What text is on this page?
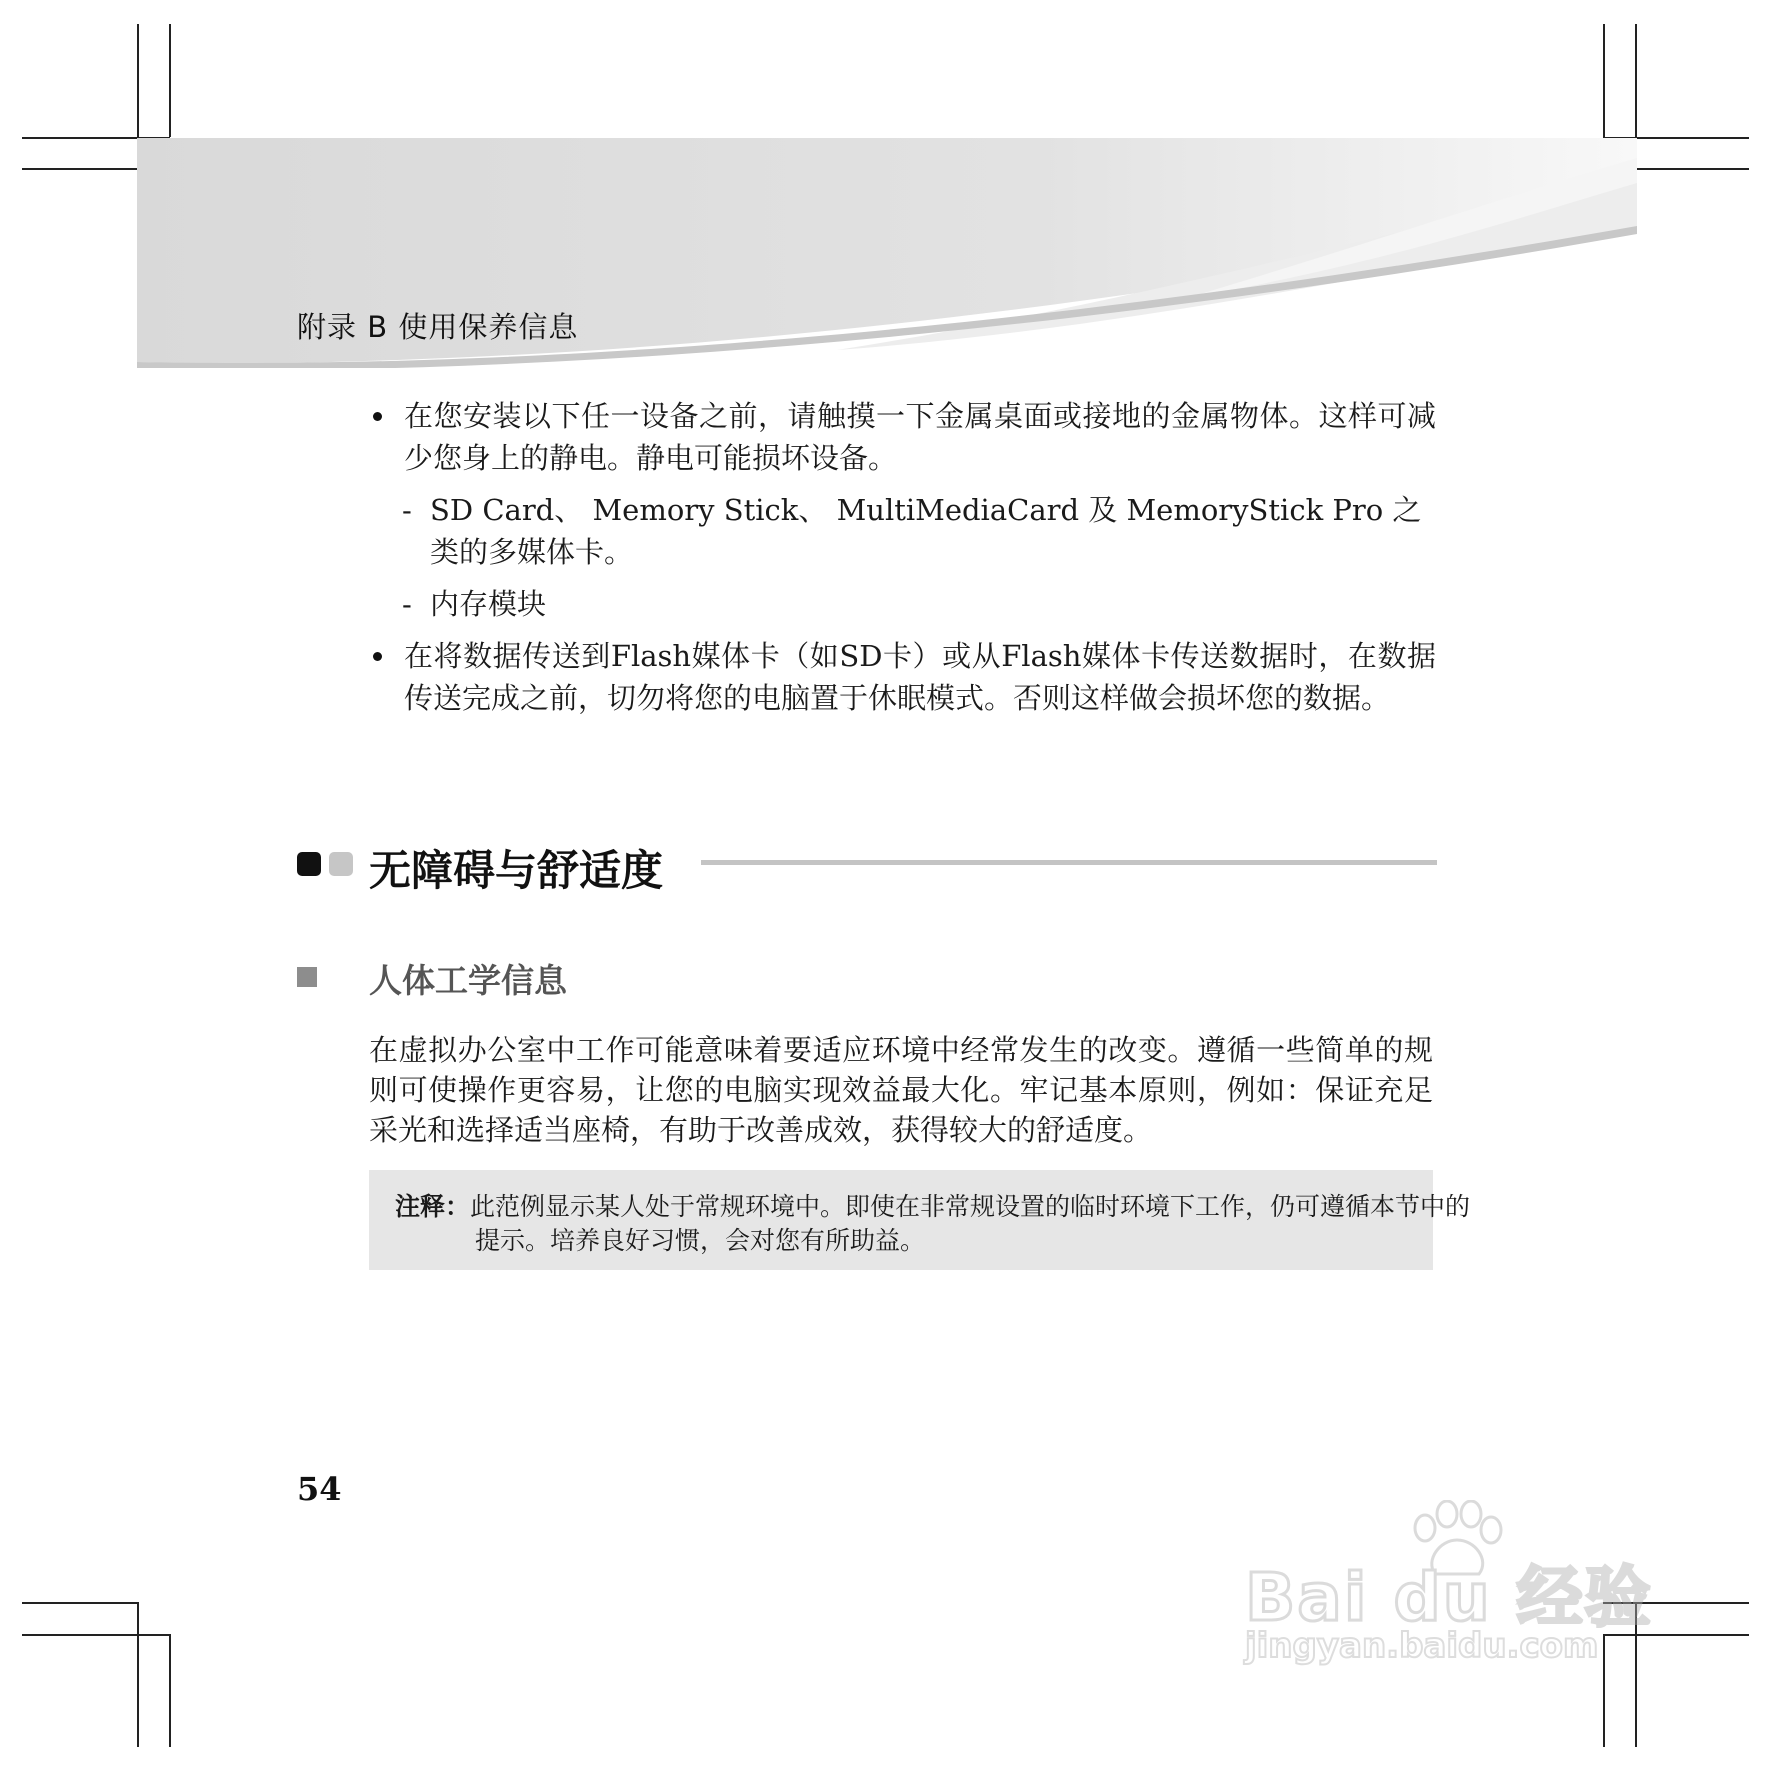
附录 B 使用保养信息
在您安装以下任一设备之前，请触摸一下金属桌面或接地的金属物体。这样可减少您身上的静电。静电可能损坏设备。
- SD Card、 Memory Stick、 MultiMediaCard 及 MemoryStick Pro 之类的多媒体卡。
- 内存模块
在将数据传送到Flash媒体卡（如SD卡）或从Flash媒体卡传送数据时，在数据传送完成之前，切勿将您的电脑置于休眠模式。否则这样做会损坏您的数据。
无障碍与舒适度
人体工学信息
在虚拟办公室中工作可能意味着要适应环境中经常发生的改变。遵循一些简单的规则可使操作更容易，让您的电脑实现效益最大化。牢记基本原则，例如：保证充足采光和选择适当座椅，有助于改善成效，获得较大的舒适度。
注释：此范例显示某人处于常规环境中。即使在非常规设置的临时环境下工作，仍可遵循本节中的提示。培养良好习惯，会对您有所助益。
54
Bai du 经验
jingyan.baidu.com
